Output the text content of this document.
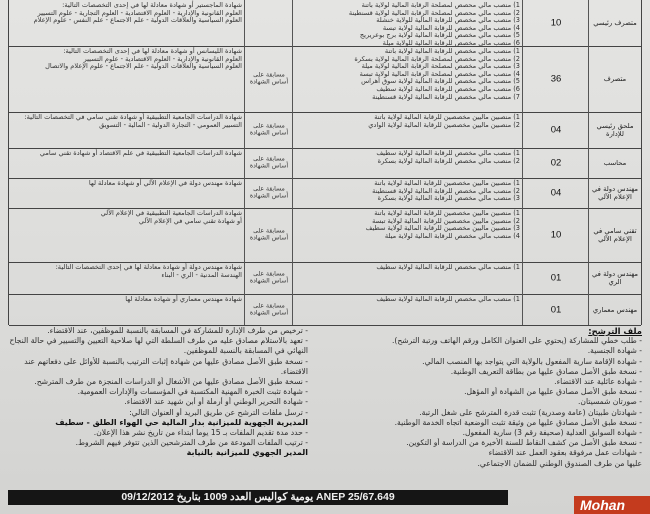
متصرف رئيسي
10
1) منصب مالي محصص لمصلحة الرقابة المالية لولاية باتنة
2) منصب مالي محصص لمصلحة الرقابة المالية لولاية قسنطينة
3) منصب مالي مخصص للرقابة المالية للولاية خنشلة
4) منصب مالي مخصص للرقابة المالية لولاية تبسة
5) منصب مالي مخصص للرقابة المالية لولاية برج بوعريريج
6) منصب مالي مخصص للرقابة المالية للولاية ميلة
شهادة الماجستير أو شهادة معادلة لها في إحدى التخصصات التالية:
العلوم القانونية والإدارية - العلوم الاقتصادية - العلوم التجارية - علوم التسيير
العلوم السياسية والعلاقات الدولية - علم الاجتماع - علم النفس - علوم الإعلام
متصرف
36
1) منصب مالي مخصص للرقابة المالية لولاية باتنة
2) منصب مالي مخصص لمصلحة الرقابة المالية لولاية بسكرة
3) منصب مالي مخصص لمصلحة الرقابة المالية لولاية ميلة
4) منصب مالي مخصص لمصلحة الرقابة المالية لولاية تبسة
5) منصب مالي مخصص للرقابة المالية لولاية سوق أهراس
6) منصب مالي مخصص للرقابة المالية لولاية سطيف
7) منصب مالي مخصص للرقابة المالية لولاية قسنطينة
مسابقة على أساس الشهادة
شهادة الليسانس أو شهادة معادلة لها في إحدى التخصصات التالية:
العلوم القانونية والإدارية - العلوم الاقتصادية - علوم التسيير
العلوم السياسية والعلاقات الدولية - علم الاجتماع - علوم الإعلام والاتصال
ملحق رئيسي للإدارة
04
1) منصبين ماليين مخصصين للرقابة المالية لولاية باتنة
2) منصبين ماليين مخصصين للرقابة المالية لولاية الوادي
مسابقة على أساس الشهادة
شهادة الدراسات الجامعية التطبيقية أو شهادة تقني سامي في التخصصات التالية:
التسيير العمومي - التجارة الدولية - المالية - التسويق
محاسب
02
1) منصب مالي مخصص للرقابة المالية لولاية سطيف
2) منصب مالي مخصص للرقابة المالية لولاية بسكرة
مسابقة على أساس الشهادة
شهادة الدراسات الجامعية التطبيقية في علم الاقتصاد أو شهادة تقني سامي
مهندس دولة في الإعلام الآلي
04
1) منصبين ماليين مخصصين للرقابة المالية لولاية باتنة
2) منصب مالي مخصص للرقابة المالية لولاية قسنطينة
3) منصب مالي مخصص للرقابة المالية لولاية بسكرة
مسابقة على أساس الشهادة
شهادة مهندس دولة في الإعلام الآلي أو شهادة معادلة لها
تقني سامي في الإعلام الآلي
10
1) منصبين ماليين مخصصين للرقابة المالية لولاية باتنة
2) منصبين ماليين مخصصين للرقابة المالية لولاية تبسة
3) منصبين ماليين مخصصين للرقابة المالية لولاية سطيف
4) منصب مالي مخصص للرقابة المالية لولاية ميلة
مسابقة على أساس الشهادة
شهادة الدراسات الجامعية التطبيقية في الإعلام الآلي
أو شهادة تقني سامي في الإعلام الآلي
مهندس دولة في الري
01
1) منصب مالي مخصص للرقابة المالية لولاية سطيف
مسابقة على أساس الشهادة
شهادة مهندس دولة أو شهادة معادلة لها في إحدى التخصصات التالية:
الهندسة المدنية - الري - البناء
مهندس معماري
01
1) منصب مالي مخصص للرقابة المالية لولاية سطيف
مسابقة على أساس الشهادة
شهادة مهندس معماري أو شهادة معادلة لها
ملف الترشح:
- طلب خطي للمشاركة (يحتوي على العنوان الكامل ورقم الهاتف ورتبة الترشح).
- شهادة الجنسية.
- شهادة الإقامة سارية المفعول بالولاية التي يتواجد بها المنصب المالي.
- نسخة طبق الأصل مصادق عليها من بطاقة التعريف الوطنية.
- شهادة عائلية عند الاقتضاء.
- نسخة طبق الأصل مصادق عليها من الشهادة أو المؤهل.
- صورتان شمسيتان.
- شهادتان طبيتان (عامة وصدرية) تثبت قدرة المترشح على شغل الرتبة.
- نسخة طبق الأصل مصادق عليها من وثيقة تثبت الوضعية اتجاه الخدمة الوطنية.
- شهادة السوابق العدلية (صحيفة رقم 3) سارية المفعول.
- نسخة طبق الأصل من كشف النقاط للسنة الأخيرة من الدراسة أو التكوين.
- شهادات عمل مرفوقة بعقود العمل عند الاقتضاء
عليها من طرف الصندوق الوطني للضمان الاجتماعي.
- ترخيص من طرف الإدارة للمشاركة في المسابقة بالنسبة للموظفين، عند الاقتضاء.
- تعهد بالاستلام مصادق عليه من طرف السلطة التي لها صلاحية التعيين والتسيير في حالة النجاح
النهائي في المسابقة بالنسبة للموظفين.
- نسخة طبق الأصل مصادق عليها من شهادة إثبات الترتيب بالنسبة للأوائل على دفعاتهم عند
الاقتضاء.
- نسخة طبق الأصل مصادق عليها من الأشغال أو الدراسات المنجزة من طرف المترشح.
- شهادة تثبت الخبرة المهنية المكتسبة في المؤسسات والإدارات العمومية.
- شهادة التحرير الوطني أو أرملة أو أبن شهيد عند الاقتضاء.
- ترسل ملفات الترشح عن طريق البريد أو العنوان التالي:
المديرية الجهوية للميزانية بدار المالية حي الهواء الطلق - سطيف
- حدد مدة تقديم الملفات بـ 15 يوما ابتداء من تاريخ نشر هذا الإعلان.
- ترتيب الملفات المودعة من طرف المترشحين الذين تتوفر فيهم الشروط.
المدير الجهوي للميزانية بالنيابة
ANEP 25/67.649 يومية كواليس العدد 1009 بتاريخ 09/12/2012	Mohan
